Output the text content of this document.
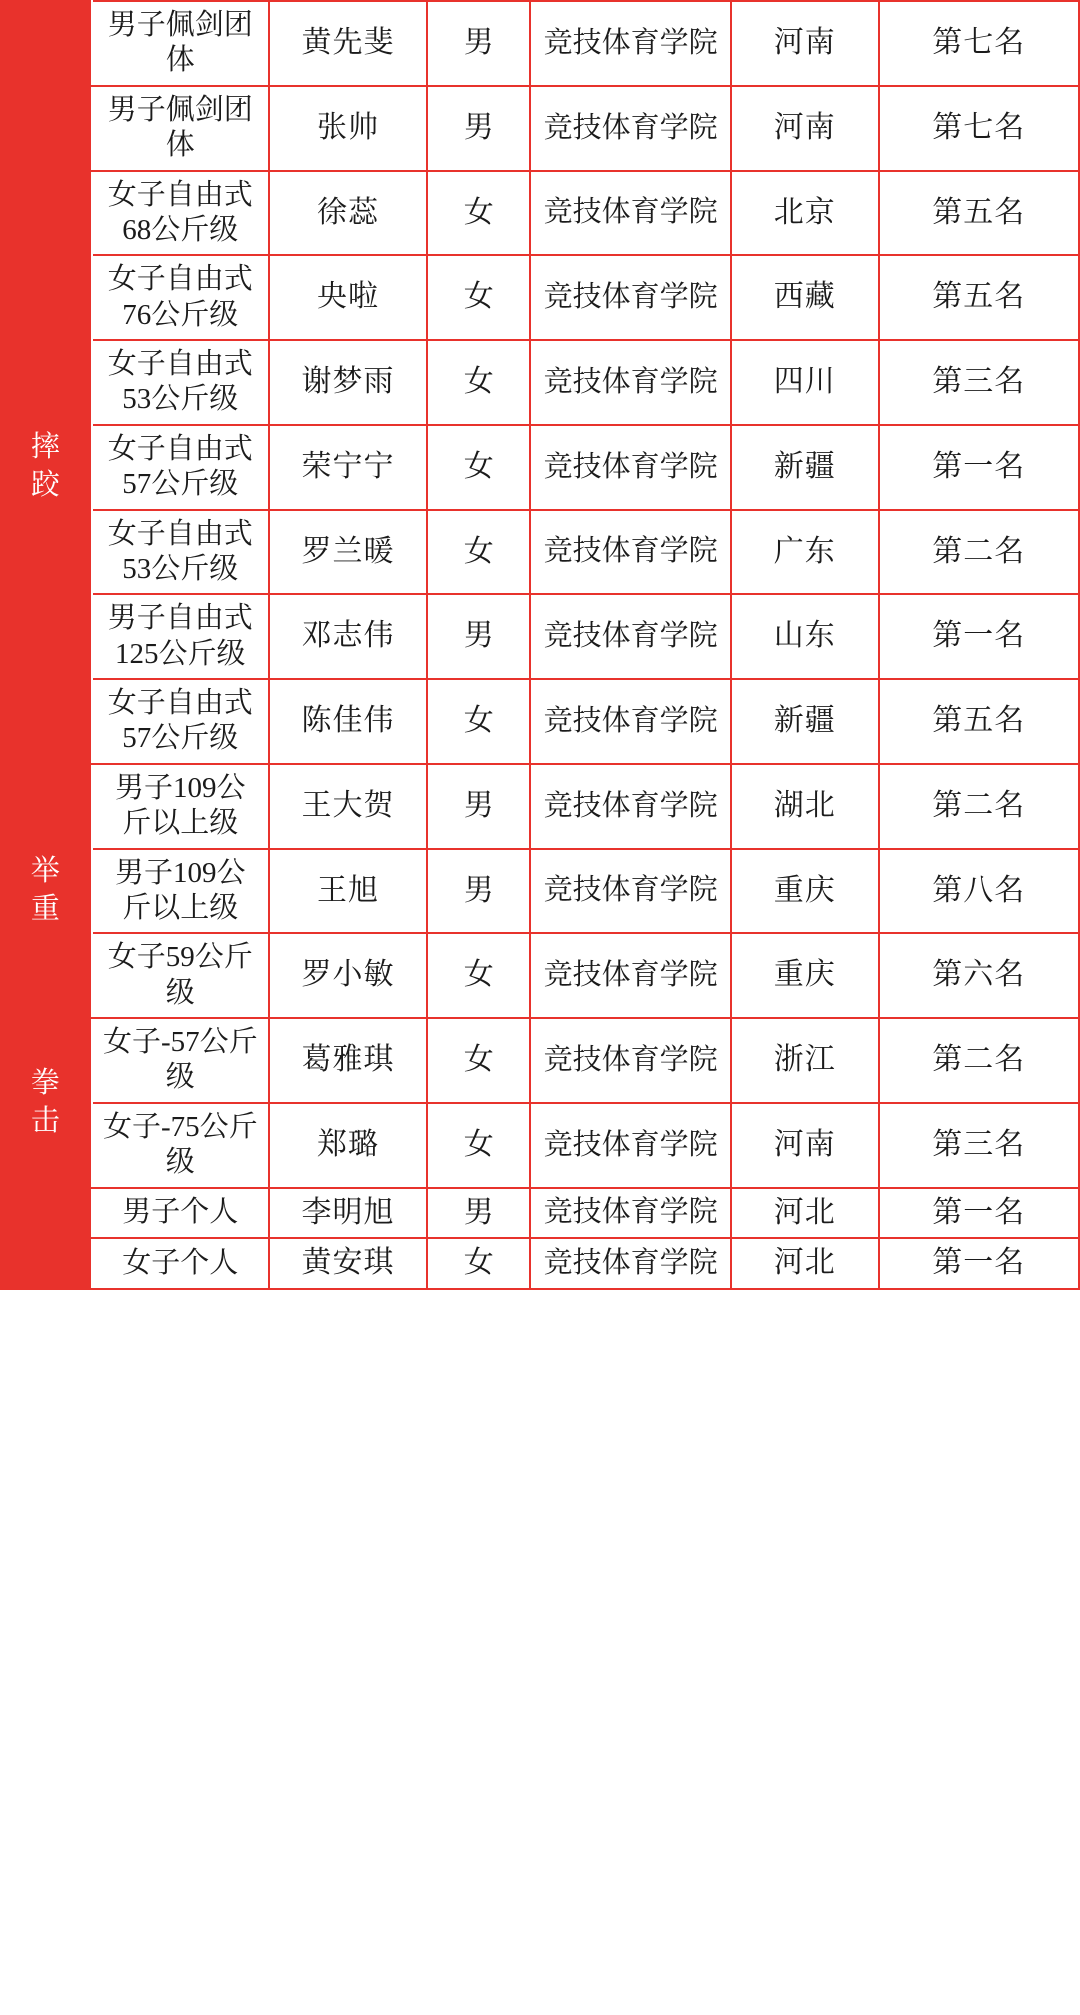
	男子佩剑团体	黄先斐	男	竞技体育学院	河南	第七名
	男子佩剑团体	张帅	男	竞技体育学院	河南	第七名
摔跤	女子自由式68公斤级	徐蕊	女	竞技体育学院	北京	第五名
	女子自由式76公斤级	央啦	女	竞技体育学院	西藏	第五名
	女子自由式53公斤级	谢梦雨	女	竞技体育学院	四川	第三名
	女子自由式57公斤级	荣宁宁	女	竞技体育学院	新疆	第一名
	女子自由式53公斤级	罗兰暖	女	竞技体育学院	广东	第二名
	男子自由式125公斤级	邓志伟	男	竞技体育学院	山东	第一名
	女子自由式57公斤级	陈佳伟	女	竞技体育学院	新疆	第五名
举重	男子109公斤以上级	王大贺	男	竞技体育学院	湖北	第二名
	男子109公斤以上级	王旭	男	竞技体育学院	重庆	第八名
	女子59公斤级	罗小敏	女	竞技体育学院	重庆	第六名
拳击	女子-57公斤级	葛雅琪	女	竞技体育学院	浙江	第二名
	女子-75公斤级	郑璐	女	竞技体育学院	河南	第三名
	男子个人	李明旭	男	竞技体育学院	河北	第一名
	女子个人	黄安琪	女	竞技体育学院	河北	第一名
